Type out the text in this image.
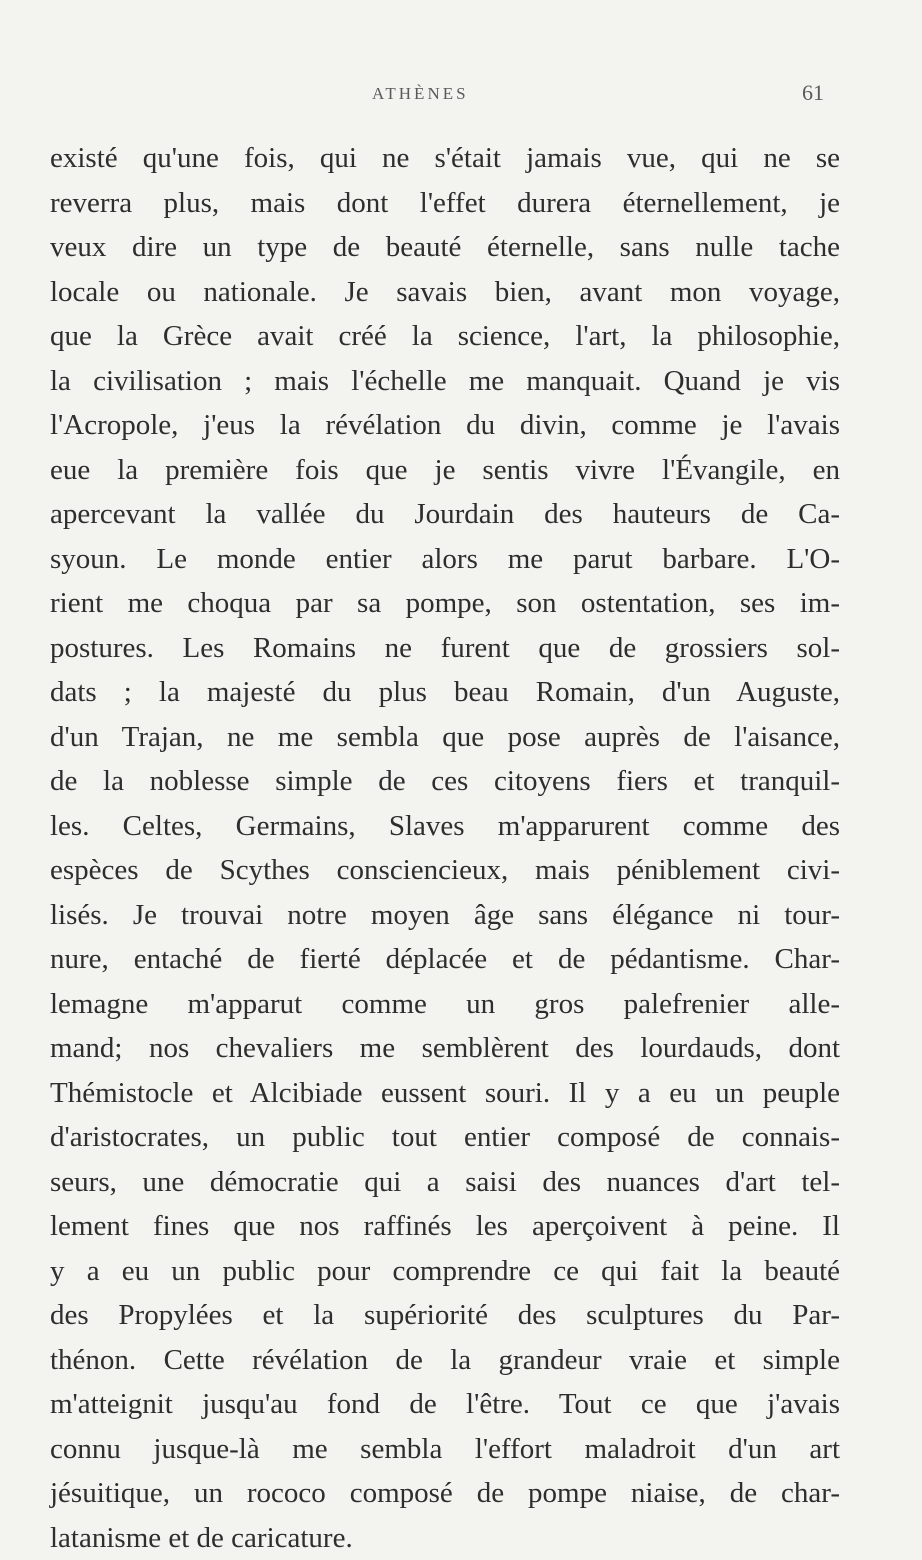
ATHÈNES	61
existé qu'une fois, qui ne s'était jamais vue, qui ne se
reverra plus, mais dont l'effet durera éternellement, je
veux dire un type de beauté éternelle, sans nulle tache
locale ou nationale. Je savais bien, avant mon voyage,
que la Grèce avait créé la science, l'art, la philosophie,
la civilisation ; mais l'échelle me manquait. Quand je vis
l'Acropole, j'eus la révélation du divin, comme je l'avais
eue la première fois que je sentis vivre l'Évangile, en
apercevant la vallée du Jourdain des hauteurs de Ca-
syoun. Le monde entier alors me parut barbare. L'O-
rient me choqua par sa pompe, son ostentation, ses im-
postures. Les Romains ne furent que de grossiers sol-
dats ; la majesté du plus beau Romain, d'un Auguste,
d'un Trajan, ne me sembla que pose auprès de l'aisance,
de la noblesse simple de ces citoyens fiers et tranquil-
les. Celtes, Germains, Slaves m'apparurent comme des
espèces de Scythes consciencieux, mais péniblement civi-
lisés. Je trouvai notre moyen âge sans élégance ni tour-
nure, entaché de fierté déplacée et de pédantisme. Char-
lemagne m'apparut comme un gros palefrenier alle-
mand; nos chevaliers me semblèrent des lourdauds, dont
Thémistocle et Alcibiade eussent souri. Il y a eu un peuple
d'aristocrates, un public tout entier composé de connais-
seurs, une démocratie qui a saisi des nuances d'art tel-
lement fines que nos raffinés les aperçoivent à peine. Il
y a eu un public pour comprendre ce qui fait la beauté
des Propylées et la supériorité des sculptures du Par-
thénon. Cette révélation de la grandeur vraie et simple
m'atteignit jusqu'au fond de l'être. Tout ce que j'avais
connu jusque-là me sembla l'effort maladroit d'un art
jésuitique, un rococo composé de pompe niaise, de char-
latanisme et de caricature.
